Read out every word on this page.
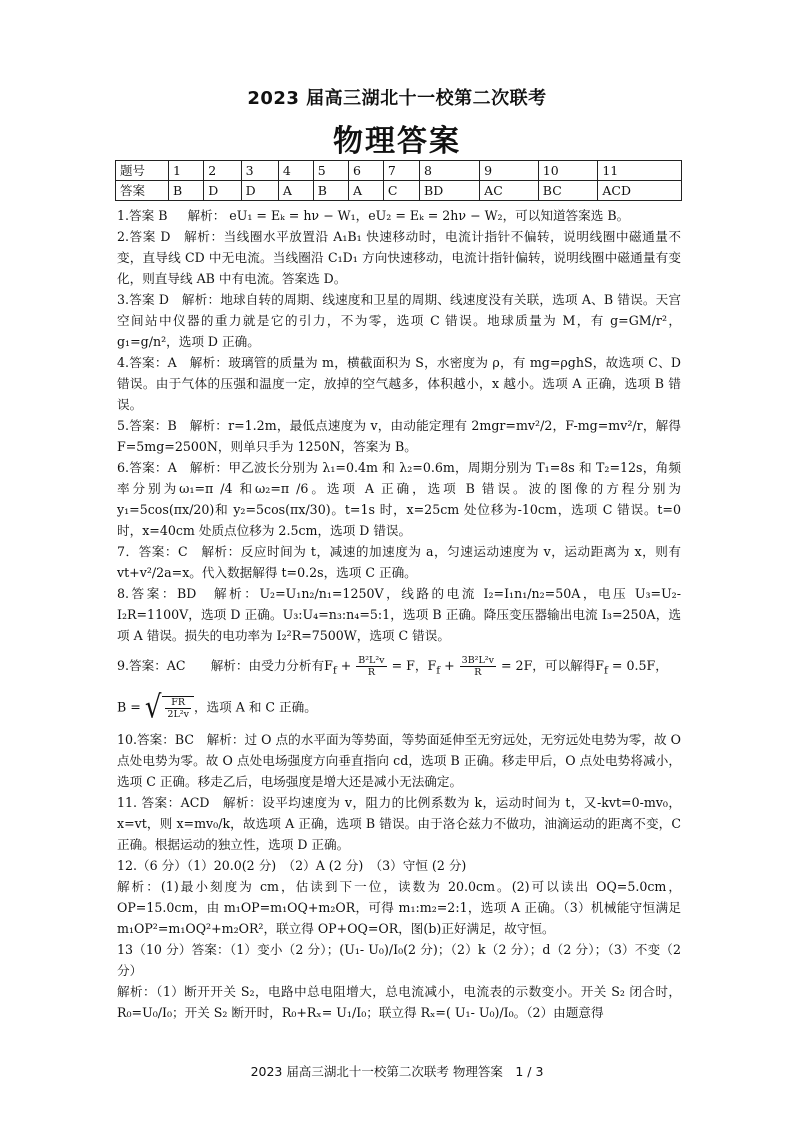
2023 届高三湖北十一校第二次联考
物理答案
题号	1	2	3	4	5	6	7	8	9	10	11
答案	B	D	D	A	B	A	C	BD	AC	BC	ACD

1.答案 B 解析： eU₁ = Eₖ = hν − W₁，eU₂ = Eₖ = 2hν − W₂，可以知道答案选 B。

2.答案 D　解析：当线圈水平放置沿 A₁B₁ 快速移动时，电流计指针不偏转，说明线圈中磁通量不变，直导线 CD 中无电流。当线圈沿 C₁D₁ 方向快速移动，电流计指针偏转，说明线圈中磁通量有变化，则直导线 AB 中有电流。答案选 D。

3.答案 D　解析：地球自转的周期、线速度和卫星的周期、线速度没有关联，选项 A、B 错误。天宫空间站中仪器的重力就是它的引力，不为零，选项 C 错误。地球质量为 M，有 g=GM/r²，g₁=g/n²，选项 D 正确。

4.答案：A　解析：玻璃管的质量为 m，横截面积为 S，水密度为 ρ，有 mg=ρghS，故选项 C、D 错误。由于气体的压强和温度一定，放掉的空气越多，体积越小，x 越小。选项 A 正确，选项 B 错误。

5.答案：B　解析：r=1.2m，最低点速度为 v，由动能定理有 2mgr=mv²/2，F-mg=mv²/r，解得 F=5mg=2500N，则单只手为 1250N，答案为 B。

6.答案：A　解析：甲乙波长分别为 λ₁=0.4m 和 λ₂=0.6m，周期分别为 T₁=8s 和 T₂=12s，角频率分别为ω₁=π /4 和ω₂=π /6。选项 A 正确，选项 B 错误。波的图像的方程分别为 y₁=5cos(πx/20)和 y₂=5cos(πx/30)。t=1s 时，x=25cm 处位移为-10cm，选项 C 错误。t=0 时，x=40cm 处质点位移为 2.5cm，选项 D 错误。

7．答案：C　解析：反应时间为 t，减速的加速度为 a，匀速运动速度为 v，运动距离为 x，则有 vt+v²/2a=x。代入数据解得 t=0.2s，选项 C 正确。

8.答案：BD　解析：U₂=U₁n₂/n₁=1250V，线路的电流 I₂=I₁n₁/n₂=50A，电压 U₃=U₂-I₂R=1100V，选项 D 正确。U₃:U₄=n₃:n₄=5:1，选项 B 正确。降压变压器输出电流 I₃=250A，选项 A 错误。损失的电功率为 I₂²R=7500W，选项 C 错误。

9.答案：AC　　解析：由受力分析有$F_f + \frac{\text{B²L²v}}{R} = F$，$F_f + \frac{\text{3B²L²v}}{R} = 2F$，可以解得$F_f = 0.5F$，

B = √ $\frac{FR}{\text{2L²v}}$ ，选项 A 和 C 正确。

10.答案：BC　解析：过 O 点的水平面为等势面，等势面延伸至无穷远处，无穷远处电势为零，故 O 点处电势为零。故 O 点处电场强度方向垂直指向 cd，选项 B 正确。移走甲后，O 点处电势将减小，选项 C 正确。移走乙后，电场强度是增大还是减小无法确定。

11. 答案：ACD　解析：设平均速度为 v，阻力的比例系数为 k，运动时间为 t，又-kvt=0-mv₀，x=vt，则 x=mv₀/k，故选项 A 正确，选项 B 错误。由于洛仑兹力不做功，油滴运动的距离不变，C 正确。根据运动的独立性，选项 D 正确。

12.（6 分）（1）20.0(2 分)　（2）A (2 分)　（3）守恒 (2 分)

解析：(1)最小刻度为 cm，估读到下一位，读数为 20.0cm。(2)可以读出 OQ=5.0cm，OP=15.0cm，由 m₁OP=m₁OQ+m₂OR，可得 m₁:m₂=2:1，选项 A 正确。（3）机械能守恒满足 m₁OP²=m₁OQ²+m₂OR²，联立得 OP+OQ=OR，图(b)正好满足，故守恒。

13（10 分）答案：（1）变小（2 分）；(U₁- U₀)/I₀(2 分)；（2）k（2 分）；d（2 分）；（3）不变（2 分）

解析：（1）断开开关 S₂，电路中总电阻增大，总电流减小，电流表的示数变小。开关 S₂ 闭合时，R₀=U₀/I₀；开关 S₂ 断开时，R₀+Rₓ= U₁/I₀；联立得 Rₓ=( U₁- U₀)/I₀。（2）由题意得

2023 届高三湖北十一校第二次联考 物理答案　1 / 3
